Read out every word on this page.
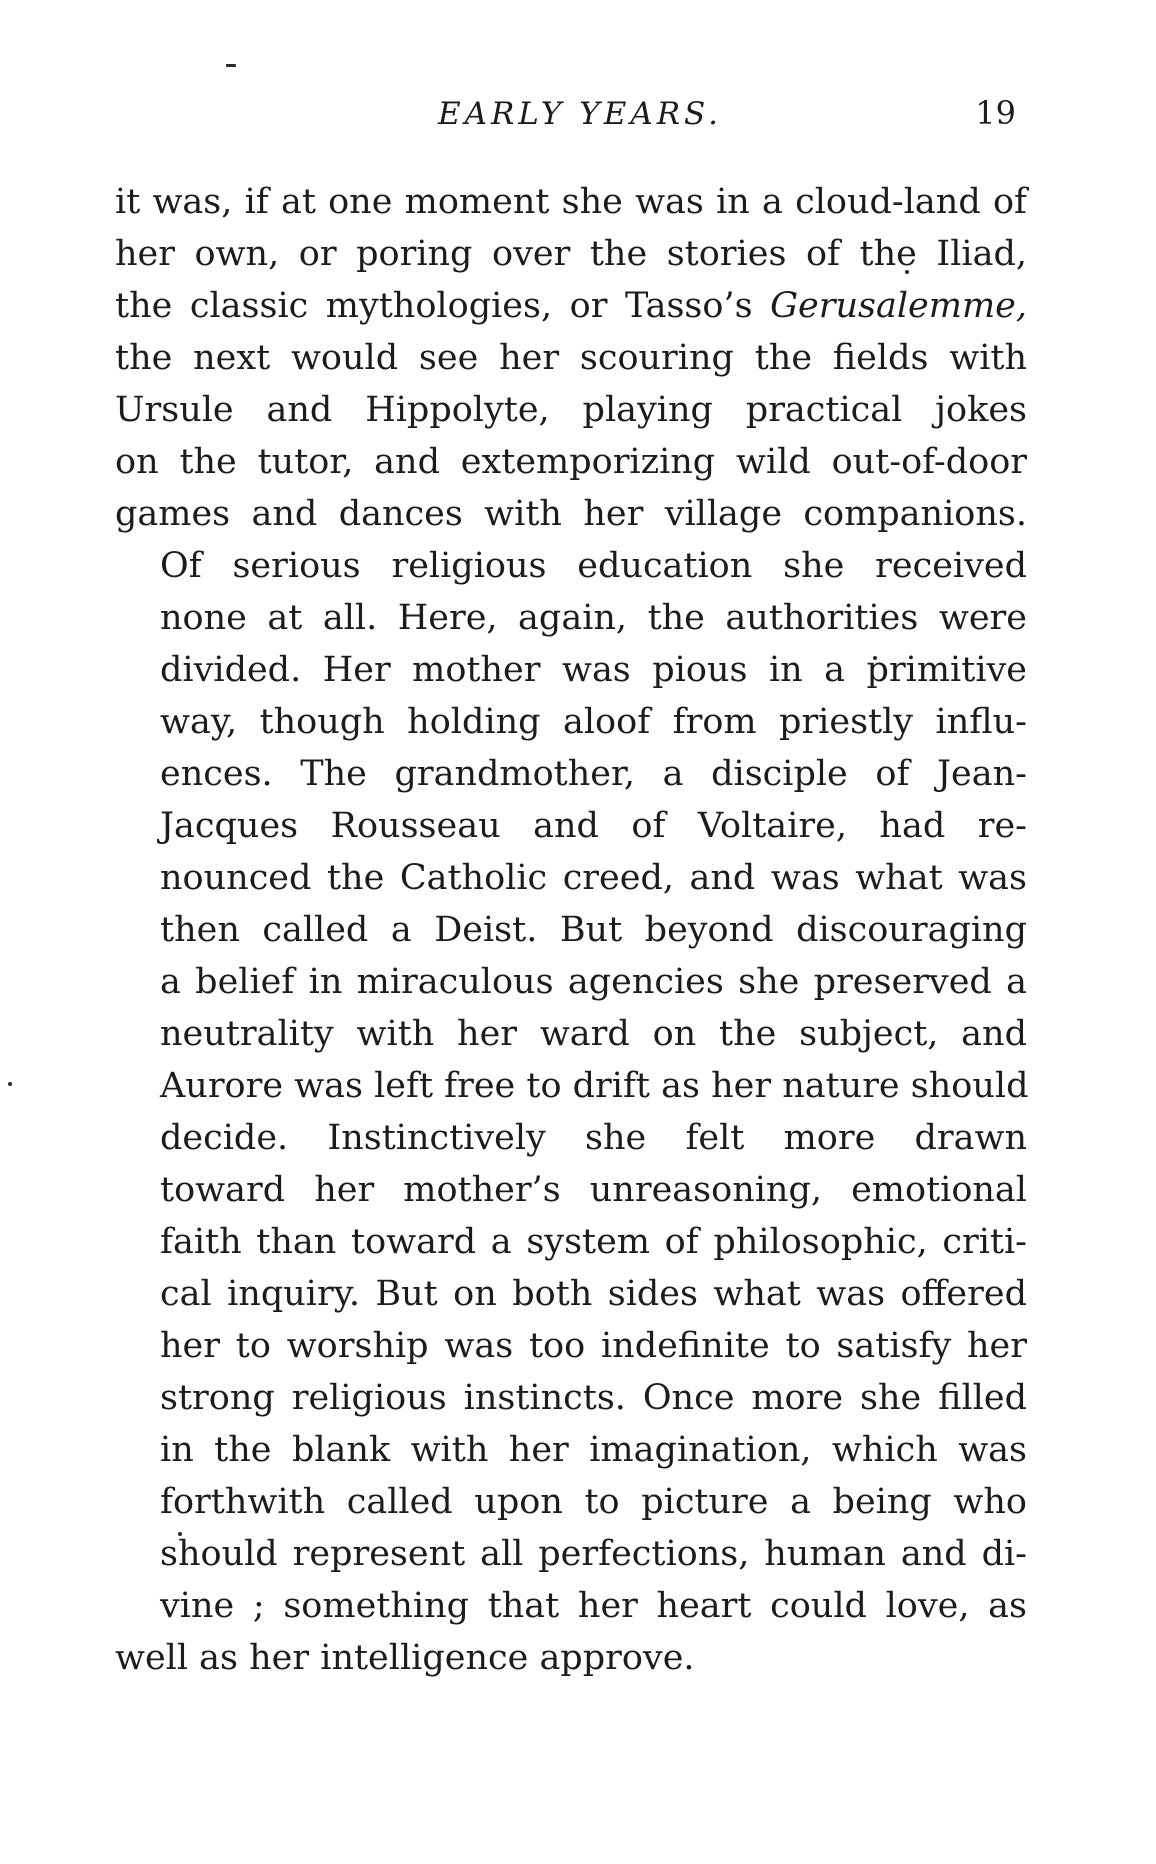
EARLY YEARS.	19

it was, if at one moment she was in a cloud-land of
her own, or poring over the stories of the Iliad,
the classic mythologies, or Tasso’s Gerusalemme,
the next would see her scouring the fields with
Ursule and Hippolyte, playing practical jokes
on the tutor, and extemporizing wild out-of-door
games and dances with her village companions.

Of serious religious education she received
none at all. Here, again, the authorities were
divided. Her mother was pious in a primitive
way, though holding aloof from priestly influ-
ences. The grandmother, a disciple of Jean-
Jacques Rousseau and of Voltaire, had re-
nounced the Catholic creed, and was what was
then called a Deist. But beyond discouraging
a belief in miraculous agencies she preserved a
neutrality with her ward on the subject, and
Aurore was left free to drift as her nature should
decide. Instinctively she felt more drawn
toward her mother’s unreasoning, emotional
faith than toward a system of philosophic, criti-
cal inquiry. But on both sides what was offered
her to worship was too indefinite to satisfy her
strong religious instincts. Once more she filled
in the blank with her imagination, which was
forthwith called upon to picture a being who
should represent all perfections, human and di-
vine ; something that her heart could love, as

well as her intelligence approve.
